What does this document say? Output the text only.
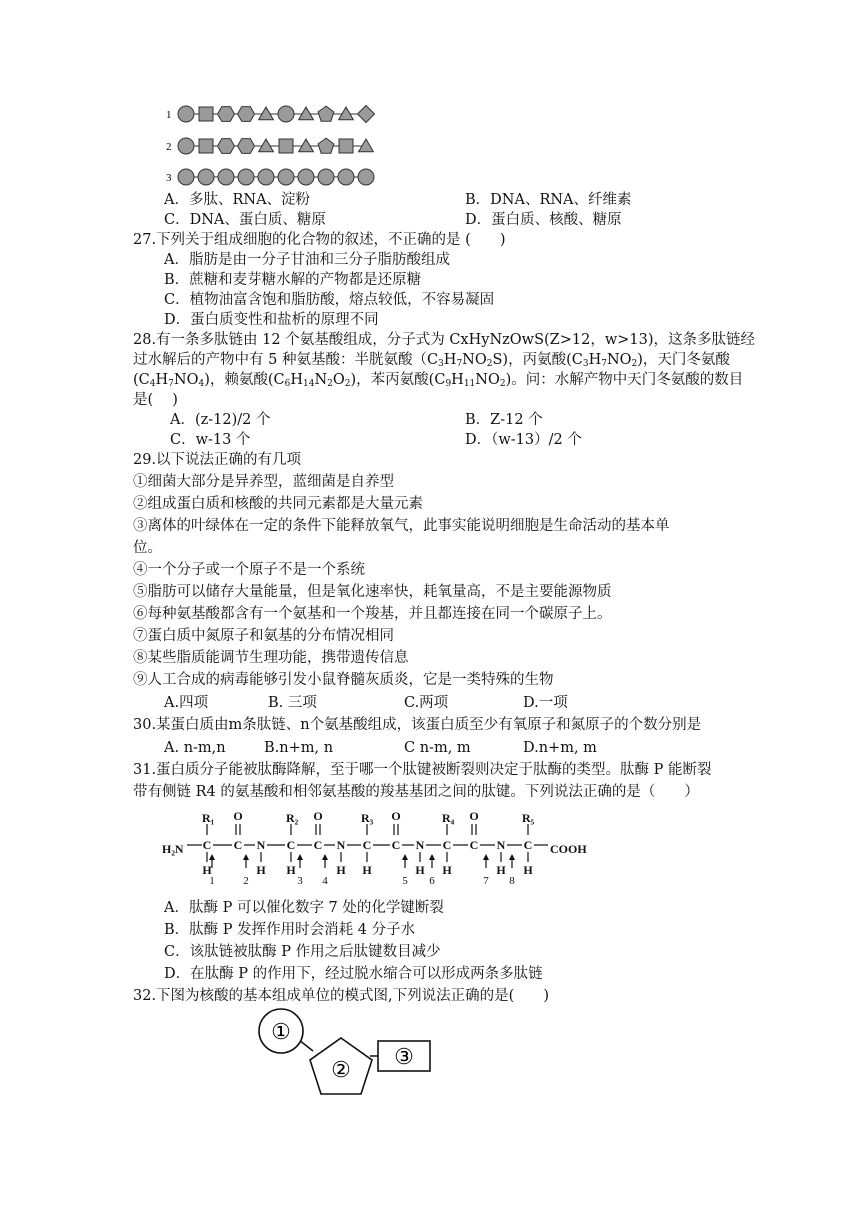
1
2
3
A．多肽、RNA、淀粉	B．DNA、RNA、纤维素
C．DNA、蛋白质、糖原	D．蛋白质、核酸、糖原
27.下列关于组成细胞的化合物的叙述，不正确的是 (　　)
A．脂肪是由一分子甘油和三分子脂肪酸组成
B．蔗糖和麦芽糖水解的产物都是还原糖
C．植物油富含饱和脂肪酸，熔点较低，不容易凝固
D．蛋白质变性和盐析的原理不同
28.有一条多肽链由 12 个氨基酸组成，分子式为 CxHyNzOwS(Z>12，w>13)，这条多肽链经
过水解后的产物中有 5 种氨基酸：半胱氨酸$(C_3H_7NO_2S)$，丙氨酸$(C_3H_7NO_2)$，天门冬氨酸
$(C_4H_7NO_4)$，赖氨酸$(C_6H_{14}N_2O_2)$，苯丙氨酸$(C_9H_{11}NO_2)$。问：水解产物中天门冬氨酸的数目
是(　 )
A．(z-12)/2 个	B．Z-12 个
C．w-13 个	D．（w-13）/2 个
29.以下说法正确的有几项
①细菌大部分是异养型，蓝细菌是自养型
②组成蛋白质和核酸的共同元素都是大量元素
③离体的叶绿体在一定的条件下能释放氧气，此事实能说明细胞是生命活动的基本单
位。
④一个分子或一个原子不是一个系统
⑤脂肪可以储存大量能量，但是氧化速率快，耗氧量高，不是主要能源物质
⑥每种氨基酸都含有一个氨基和一个羧基，并且都连接在同一个碳原子上。
⑦蛋白质中氮原子和氨基的分布情况相同
⑧某些脂质能调节生理功能，携带遗传信息
⑨人工合成的病毒能够引发小鼠脊髓灰质炎，它是一类特殊的生物
A.四项	B. 三项	C.两项	D.一项
30.某蛋白质由m条肽链、n个氨基酸组成，该蛋白质至少有氧原子和氮原子的个数分别是
A. n-m,n	B.n+m, n	C n-m, m	D.n+m, m
31.蛋白质分子能被肽酶降解，至于哪一个肽键被断裂则决定于肽酶的类型。肽酶 P 能断裂
带有侧链 R4 的氨基酸和相邻氨基酸的羧基基团之间的肽键。下列说法正确的是（　　）
H₂N	COOH
R₁	R₂	R₃	R₄	R₅
C
H
C
O
N
H
C
H
C
O
N
H
C
H
C
O
N
H
C
H
C
O
N
H
C
H
1	2	3 4	5 6	7 8
A．肽酶 P 可以催化数字 7 处的化学键断裂
B．肽酶 P 发挥作用时会消耗 4 分子水
C．该肽链被肽酶 P 作用之后肽键数目减少
D．在肽酶 P 的作用下，经过脱水缩合可以形成两条多肽链
32.下图为核酸的基本组成单位的模式图,下列说法正确的是(　　)
①
②
③
